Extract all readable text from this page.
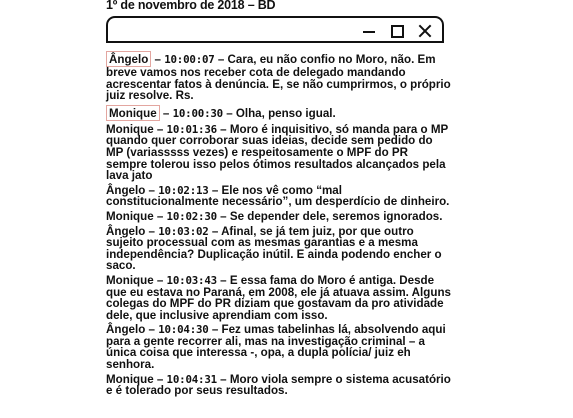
1º de novembro de 2018 – BD

Ângelo – 10:00:07 – Cara, eu não confio no Moro, não. Em breve vamos nos receber cota de delegado mandando acrescentar fatos à denúncia. E, se não cumprirmos, o próprio juiz resolve. Rs.

Monique – 10:00:30 – Olha, penso igual.

Monique – 10:01:36 – Moro é inquisitivo, só manda para o MP quando quer corroborar suas ideias, decide sem pedido do MP (variasssss vezes) e respeitosamente o MPF do PR sempre tolerou isso pelos ótimos resultados alcançados pela lava jato

Ângelo – 10:02:13 – Ele nos vê como “mal constitucionalmente necessário”, um desperdício de dinheiro.

Monique – 10:02:30 – Se depender dele, seremos ignorados.

Ângelo – 10:03:02 – Afinal, se já tem juiz, por que outro sujeito processual com as mesmas garantias e a mesma independência? Duplicação inútil. E ainda podendo encher o saco.

Monique – 10:03:43 – E essa fama do Moro é antiga. Desde que eu estava no Paraná, em 2008, ele já atuava assim. Alguns colegas do MPF do PR diziam que gostavam da pro atividade dele, que inclusive aprendiam com isso.

Ângelo – 10:04:30 – Fez umas tabelinhas lá, absolvendo aqui para a gente recorrer ali, mas na investigação criminal – a única coisa que interessa -, opa, a dupla polícia/ juiz eh senhora.

Monique – 10:04:31 – Moro viola sempre o sistema acusatório e é tolerado por seus resultados.
